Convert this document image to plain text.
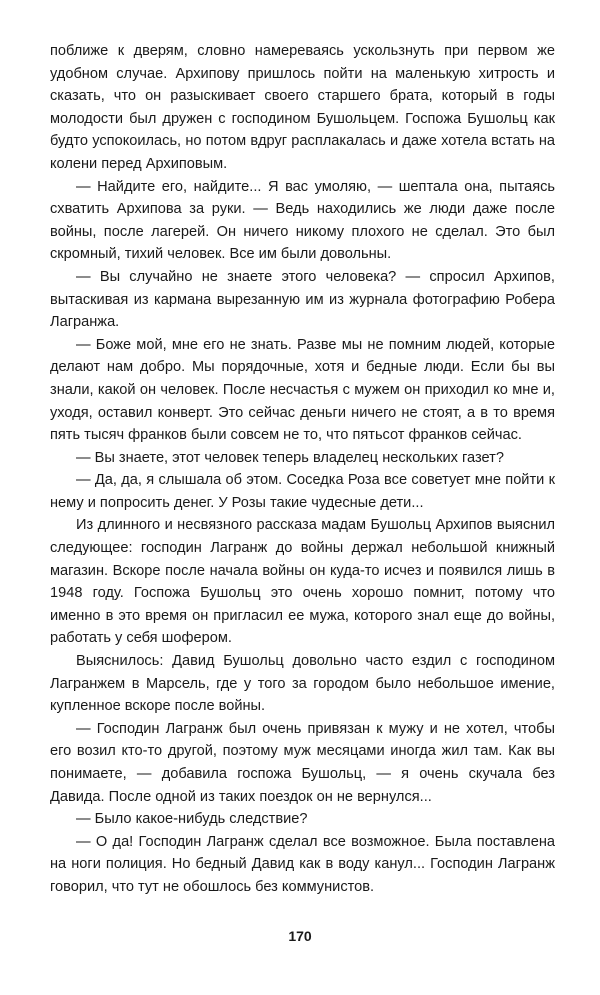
поближе к дверям, словно намереваясь ускользнуть при первом же удобном случае. Архипову пришлось пойти на маленькую хитрость и сказать, что он разыскивает своего старшего брата, который в годы молодости был дружен с господином Бушольцем. Госпожа Бушольц как будто успокоилась, но потом вдруг расплакалась и даже хотела встать на колени перед Архиповым.

— Найдите его, найдите... Я вас умоляю, — шептала она, пытаясь схватить Архипова за руки. — Ведь находились же люди даже после войны, после лагерей. Он ничего никому плохого не сделал. Это был скромный, тихий человек. Все им были довольны.

— Вы случайно не знаете этого человека? — спросил Архипов, вытаскивая из кармана вырезанную им из журнала фотографию Робера Лагранжа.

— Боже мой, мне его не знать. Разве мы не помним людей, которые делают нам добро. Мы порядочные, хотя и бедные люди. Если бы вы знали, какой он человек. После несчастья с мужем он приходил ко мне и, уходя, оставил конверт. Это сейчас деньги ничего не стоят, а в то время пять тысяч франков были совсем не то, что пятьсот франков сейчас.

— Вы знаете, этот человек теперь владелец нескольких газет?

— Да, да, я слышала об этом. Соседка Роза все советует мне пойти к нему и попросить денег. У Розы такие чудесные дети...

Из длинного и несвязного рассказа мадам Бушольц Архипов выяснил следующее: господин Лагранж до войны держал небольшой книжный магазин. Вскоре после начала войны он куда-то исчез и появился лишь в 1948 году. Госпожа Бушольц это очень хорошо помнит, потому что именно в это время он пригласил ее мужа, которого знал еще до войны, работать у себя шофером.

Выяснилось: Давид Бушольц довольно часто ездил с господином Лагранжем в Марсель, где у того за городом было небольшое имение, купленное вскоре после войны.

— Господин Лагранж был очень привязан к мужу и не хотел, чтобы его возил кто-то другой, поэтому муж месяцами иногда жил там. Как вы понимаете, — добавила госпожа Бушольц, — я очень скучала без Давида. После одной из таких поездок он не вернулся...

— Было какое-нибудь следствие?

— О да! Господин Лагранж сделал все возможное. Была поставлена на ноги полиция. Но бедный Давид как в воду канул... Господин Лагранж говорил, что тут не обошлось без коммунистов.

170
